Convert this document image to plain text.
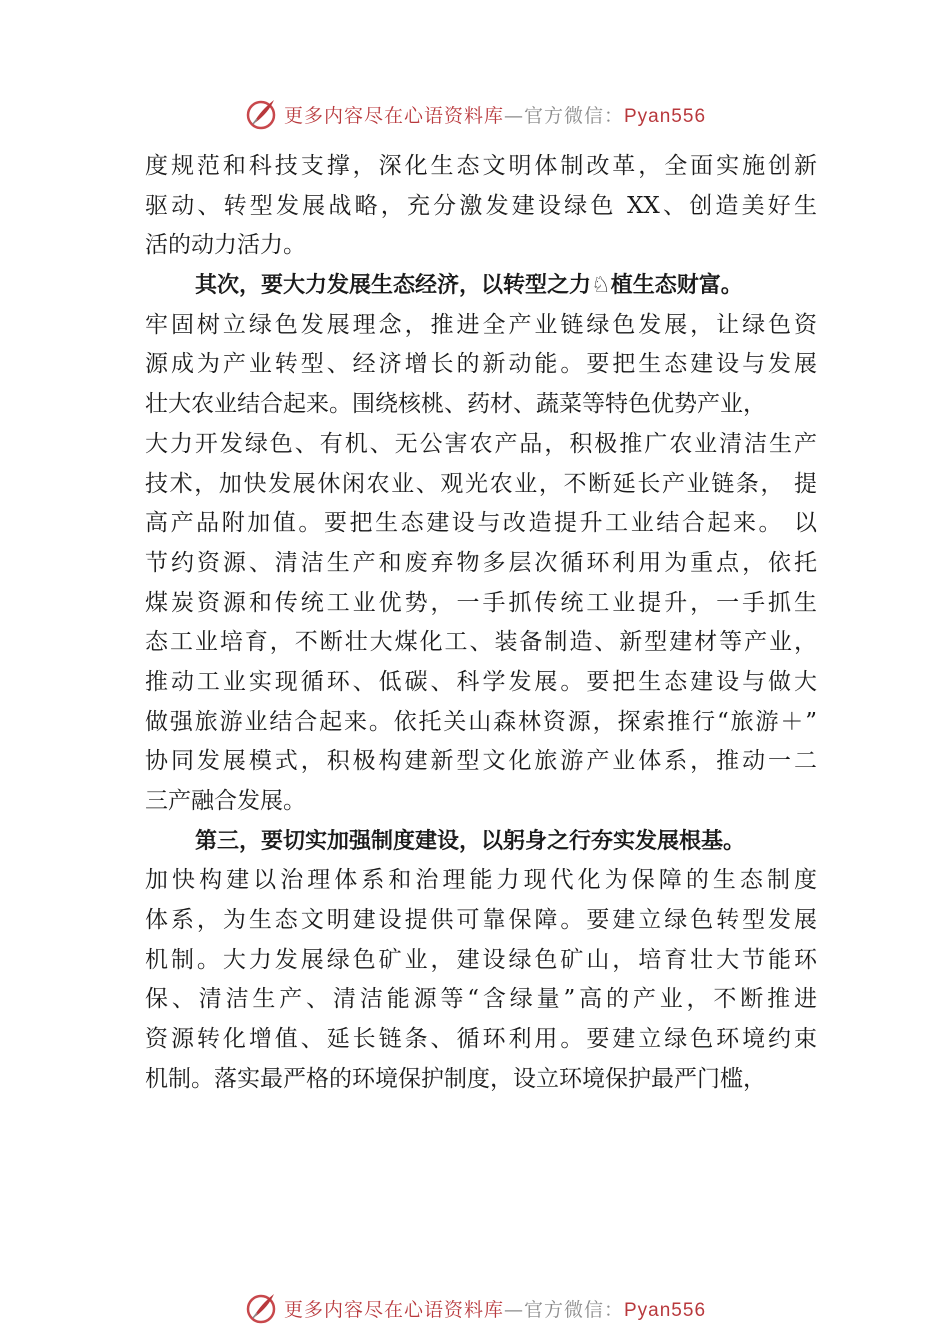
更多内容尽在心语资料库—官方微信：Pyan556
度规范和科技支撑，深化生态文明体制改革，全面实施创新
驱动、转型发展战略，充分激发建设绿色 XX、创造美好生
活的动力活力。
其次，要大力发展生态经济，以转型之力♘植生态财富。
牢固树立绿色发展理念，推进全产业链绿色发展，让绿色资
源成为产业转型、经济增长的新动能。要把生态建设与发展
壮大农业结合起来。围绕核桃、药材、蔬菜等特色优势产业，
大力开发绿色、有机、无公害农产品，积极推广农业清洁生产
技术，加快发展休闲农业、观光农业，不断延长产业链条， 提
高产品附加值。要把生态建设与改造提升工业结合起来。 以
节约资源、清洁生产和废弃物多层次循环利用为重点，依托
煤炭资源和传统工业优势，一手抓传统工业提升，一手抓生
态工业培育，不断壮大煤化工、装备制造、新型建材等产业，
推动工业实现循环、低碳、科学发展。要把生态建设与做大
做强旅游业结合起来。依托关山森林资源，探索推行“旅游＋”
协同发展模式，积极构建新型文化旅游产业体系，推动一二
三产融合发展。
第三，要切实加强制度建设，以躬身之行夯实发展根基。
加快构建以治理体系和治理能力现代化为保障的生态制度
体系，为生态文明建设提供可靠保障。要建立绿色转型发展
机制。大力发展绿色矿业，建设绿色矿山，培育壮大节能环
保、清洁生产、清洁能源等“含绿量”高的产业，不断推进
资源转化增值、延长链条、循环利用。要建立绿色环境约束
机制。落实最严格的环境保护制度，设立环境保护最严门槛，
更多内容尽在心语资料库—官方微信：Pyan556
